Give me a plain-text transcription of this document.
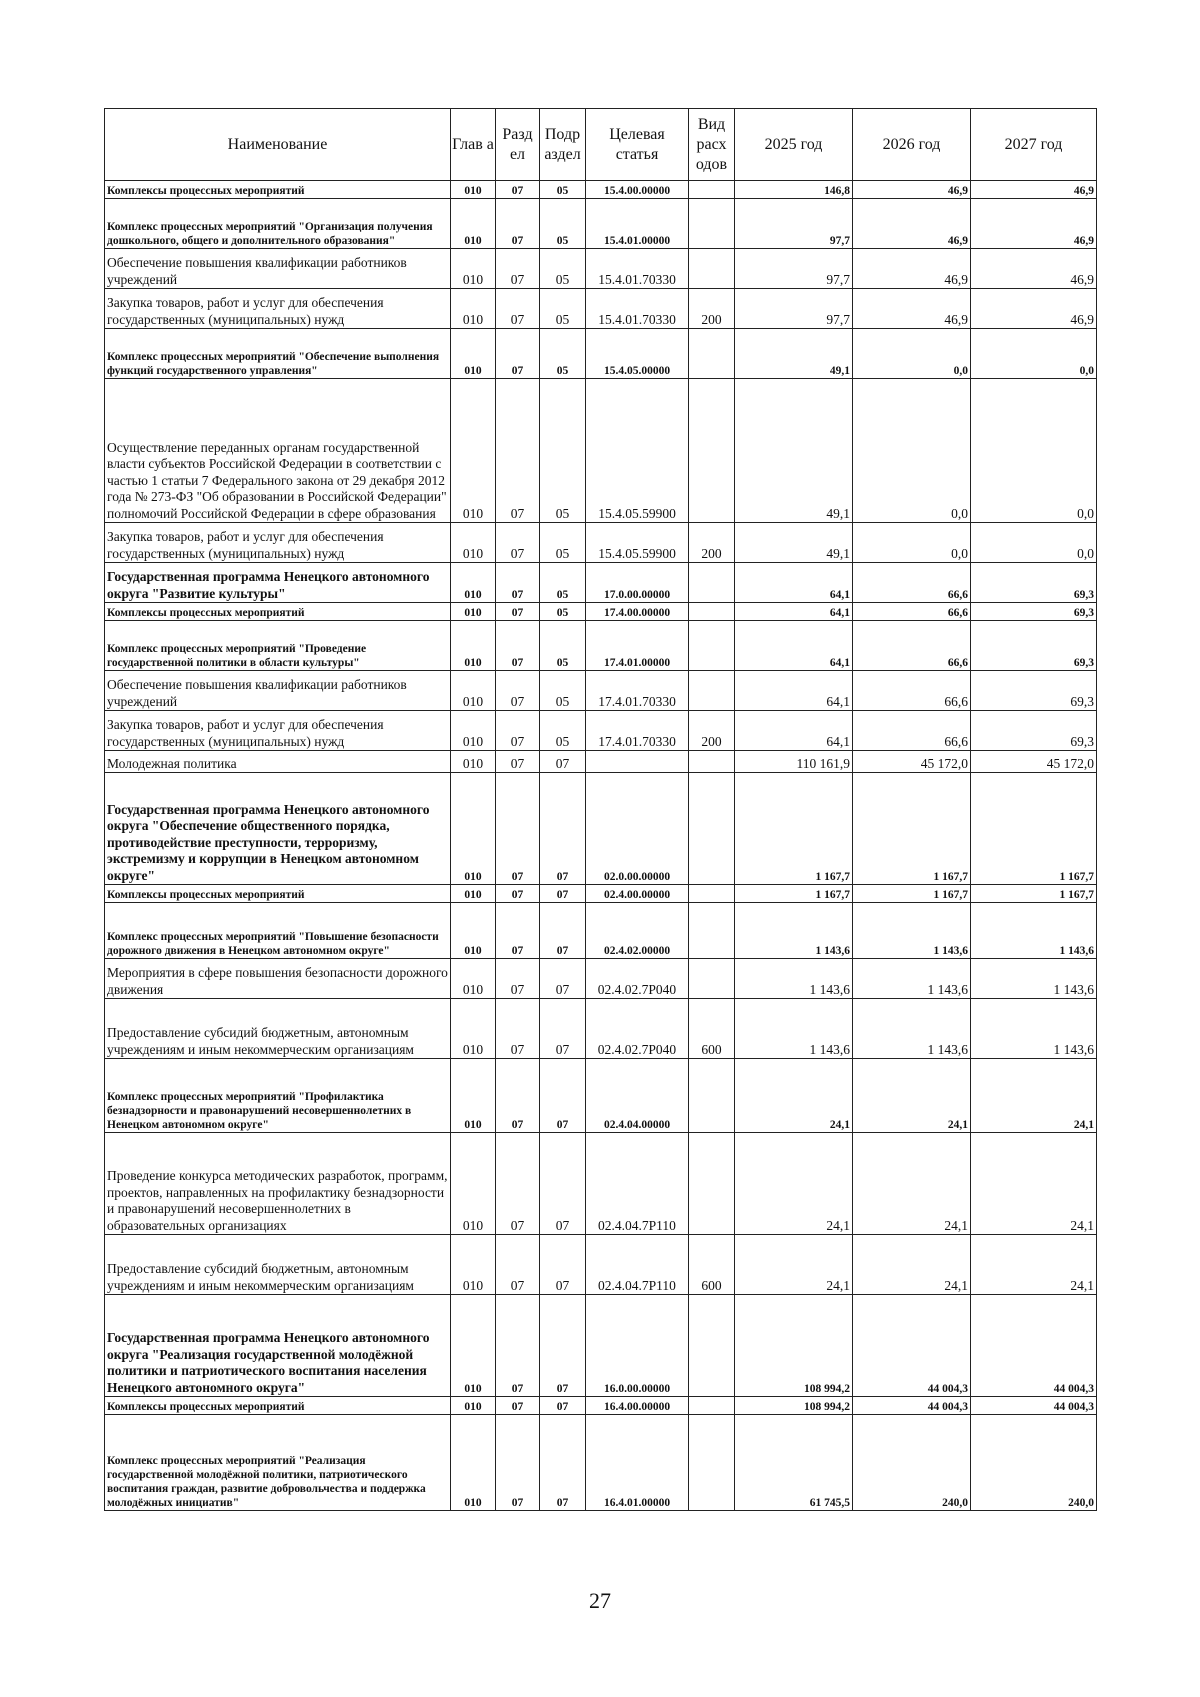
Наименование	Глав а	Разд ел	Подр аздел	Целевая статья	Вид расх одов	2025 год	2026 год	2027 год
Комплексы процессных мероприятий	010	07	05	15.4.00.00000		146,8	46,9	46,9
Комплекс процессных мероприятий "Организация получения дошкольного, общего и дополнительного образования"	010	07	05	15.4.01.00000		97,7	46,9	46,9
Обеспечение повышения квалификации работников учреждений	010	07	05	15.4.01.70330		97,7	46,9	46,9
Закупка товаров, работ и услуг для обеспечения государственных (муниципальных) нужд	010	07	05	15.4.01.70330	200	97,7	46,9	46,9
Комплекс процессных мероприятий "Обеспечение выполнения функций государственного управления"	010	07	05	15.4.05.00000		49,1	0,0	0,0
Осуществление переданных органам государственной власти субъектов Российской Федерации в соответствии с частью 1 статьи 7 Федерального закона от 29 декабря 2012 года № 273-ФЗ "Об образовании в Российской Федерации" полномочий Российской Федерации в сфере образования	010	07	05	15.4.05.59900		49,1	0,0	0,0
Закупка товаров, работ и услуг для обеспечения государственных (муниципальных) нужд	010	07	05	15.4.05.59900	200	49,1	0,0	0,0
Государственная программа Ненецкого автономного округа "Развитие культуры"	010	07	05	17.0.00.00000		64,1	66,6	69,3
Комплексы процессных мероприятий	010	07	05	17.4.00.00000		64,1	66,6	69,3
Комплекс процессных мероприятий "Проведение государственной политики в области культуры"	010	07	05	17.4.01.00000		64,1	66,6	69,3
Обеспечение повышения квалификации работников учреждений	010	07	05	17.4.01.70330		64,1	66,6	69,3
Закупка товаров, работ и услуг для обеспечения государственных (муниципальных) нужд	010	07	05	17.4.01.70330	200	64,1	66,6	69,3
Молодежная политика	010	07	07			110 161,9	45 172,0	45 172,0
Государственная программа Ненецкого автономного округа "Обеспечение общественного порядка, противодействие преступности, терроризму, экстремизму и коррупции в Ненецком автономном округе"	010	07	07	02.0.00.00000		1 167,7	1 167,7	1 167,7
Комплексы процессных мероприятий	010	07	07	02.4.00.00000		1 167,7	1 167,7	1 167,7
Комплекс процессных мероприятий "Повышение безопасности дорожного движения в Ненецком автономном округе"	010	07	07	02.4.02.00000		1 143,6	1 143,6	1 143,6
Мероприятия в сфере повышения безопасности дорожного движения	010	07	07	02.4.02.7Р040		1 143,6	1 143,6	1 143,6
Предоставление субсидий бюджетным, автономным учреждениям и иным некоммерческим организациям	010	07	07	02.4.02.7Р040	600	1 143,6	1 143,6	1 143,6
Комплекс процессных мероприятий "Профилактика безнадзорности и правонарушений несовершеннолетних в Ненецком автономном округе"	010	07	07	02.4.04.00000		24,1	24,1	24,1
Проведение конкурса методических разработок, программ, проектов, направленных на профилактику безнадзорности и правонарушений несовершеннолетних в образовательных организациях	010	07	07	02.4.04.7Р110		24,1	24,1	24,1
Предоставление субсидий бюджетным, автономным учреждениям и иным некоммерческим организациям	010	07	07	02.4.04.7Р110	600	24,1	24,1	24,1
Государственная программа Ненецкого автономного округа "Реализация государственной молодёжной политики и патриотического воспитания населения Ненецкого автономного округа"	010	07	07	16.0.00.00000		108 994,2	44 004,3	44 004,3
Комплексы процессных мероприятий	010	07	07	16.4.00.00000		108 994,2	44 004,3	44 004,3
Комплекс процессных мероприятий "Реализация государственной молодёжной политики, патриотического воспитания граждан, развитие добровольчества и поддержка молодёжных инициатив"	010	07	07	16.4.01.00000		61 745,5	240,0	240,0
27
